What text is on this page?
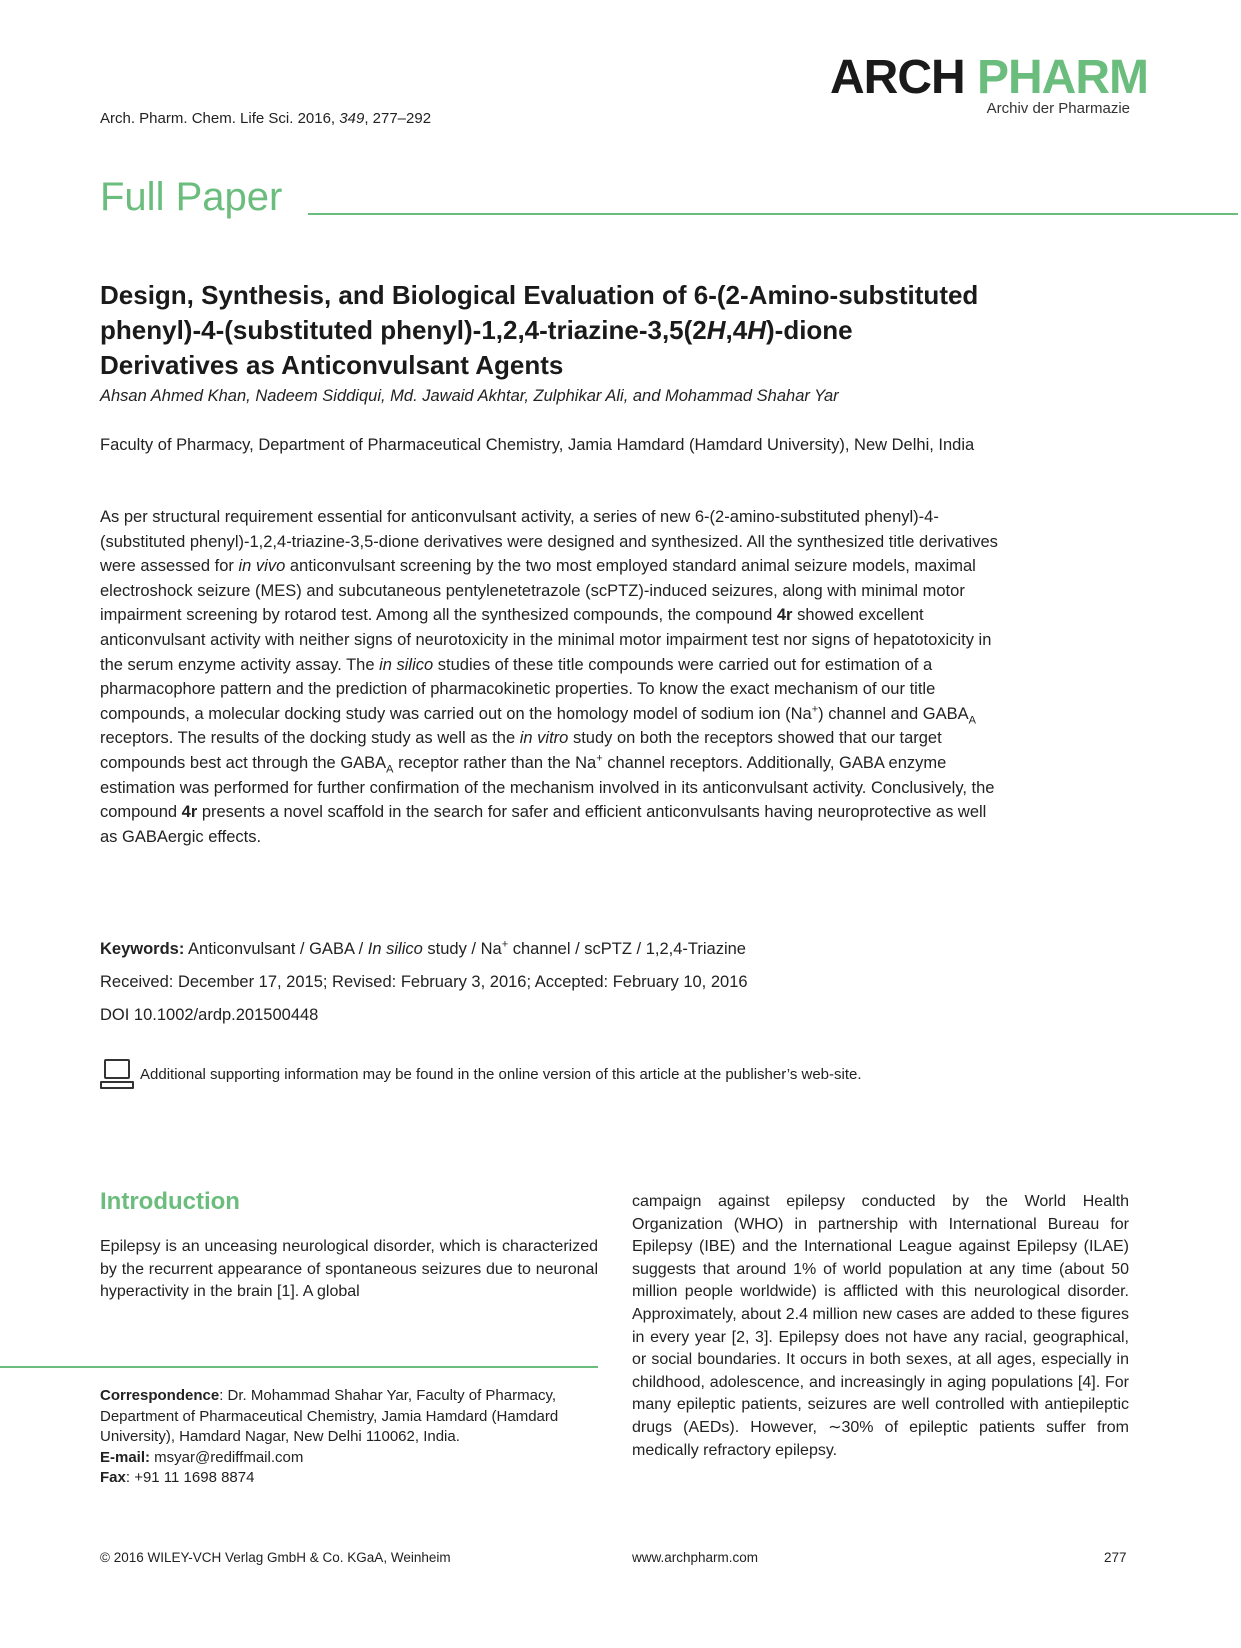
Arch. Pharm. Chem. Life Sci. 2016, 349, 277–292
ARCH PHARM
Archiv der Pharmazie
Full Paper
Design, Synthesis, and Biological Evaluation of 6-(2-Amino-substituted phenyl)-4-(substituted phenyl)-1,2,4-triazine-3,5(2H,4H)-dione Derivatives as Anticonvulsant Agents
Ahsan Ahmed Khan, Nadeem Siddiqui, Md. Jawaid Akhtar, Zulphikar Ali, and Mohammad Shahar Yar
Faculty of Pharmacy, Department of Pharmaceutical Chemistry, Jamia Hamdard (Hamdard University), New Delhi, India

As per structural requirement essential for anticonvulsant activity, a series of new 6-(2-amino-substituted phenyl)-4-(substituted phenyl)-1,2,4-triazine-3,5-dione derivatives were designed and synthesized. All the synthesized title derivatives were assessed for in vivo anticonvulsant screening by the two most employed standard animal seizure models, maximal electroshock seizure (MES) and subcutaneous pentylenetetrazole (scPTZ)-induced seizures, along with minimal motor impairment screening by rotarod test. Among all the synthesized compounds, the compound 4r showed excellent anticonvulsant activity with neither signs of neurotoxicity in the minimal motor impairment test nor signs of hepatotoxicity in the serum enzyme activity assay. The in silico studies of these title compounds were carried out for estimation of a pharmacophore pattern and the prediction of pharmacokinetic properties. To know the exact mechanism of our title compounds, a molecular docking study was carried out on the homology model of sodium ion (Na+) channel and $GABA_A$ receptors. The results of the docking study as well as the in vitro study on both the receptors showed that our target compounds best act through the $GABA_A$ receptor rather than the Na+ channel receptors. Additionally, GABA enzyme estimation was performed for further confirmation of the mechanism involved in its anticonvulsant activity. Conclusively, the compound 4r presents a novel scaffold in the search for safer and efficient anticonvulsants having neuroprotective as well as GABAergic effects.

Keywords: Anticonvulsant / GABA / In silico study / Na+ channel / scPTZ / 1,2,4-Triazine
Received: December 17, 2015; Revised: February 3, 2016; Accepted: February 10, 2016
DOI 10.1002/ardp.201500448
Additional supporting information may be found in the online version of this article at the publisher’s web-site.
Introduction

Epilepsy is an unceasing neurological disorder, which is characterized by the recurrent appearance of spontaneous seizures due to neuronal hyperactivity in the brain [1]. A global

Correspondence: Dr. Mohammad Shahar Yar, Faculty of Pharmacy, Department of Pharmaceutical Chemistry, Jamia Hamdard (Hamdard University), Hamdard Nagar, New Delhi 110062, India.
E-mail: msyar@rediffmail.com
Fax: +91 11 1698 8874

campaign against epilepsy conducted by the World Health Organization (WHO) in partnership with International Bureau for Epilepsy (IBE) and the International League against Epilepsy (ILAE) suggests that around 1% of world population at any time (about 50 million people worldwide) is afflicted with this neurological disorder. Approximately, about 2.4 million new cases are added to these figures in every year [2, 3]. Epilepsy does not have any racial, geographical, or social boundaries. It occurs in both sexes, at all ages, especially in childhood, adolescence, and increasingly in aging populations [4]. For many epileptic patients, seizures are well controlled with antiepileptic drugs (AEDs). However, ∼30% of epileptic patients suffer from medically refractory epilepsy.

© 2016 WILEY-VCH Verlag GmbH & Co. KGaA, Weinheim	www.archpharm.com	277
